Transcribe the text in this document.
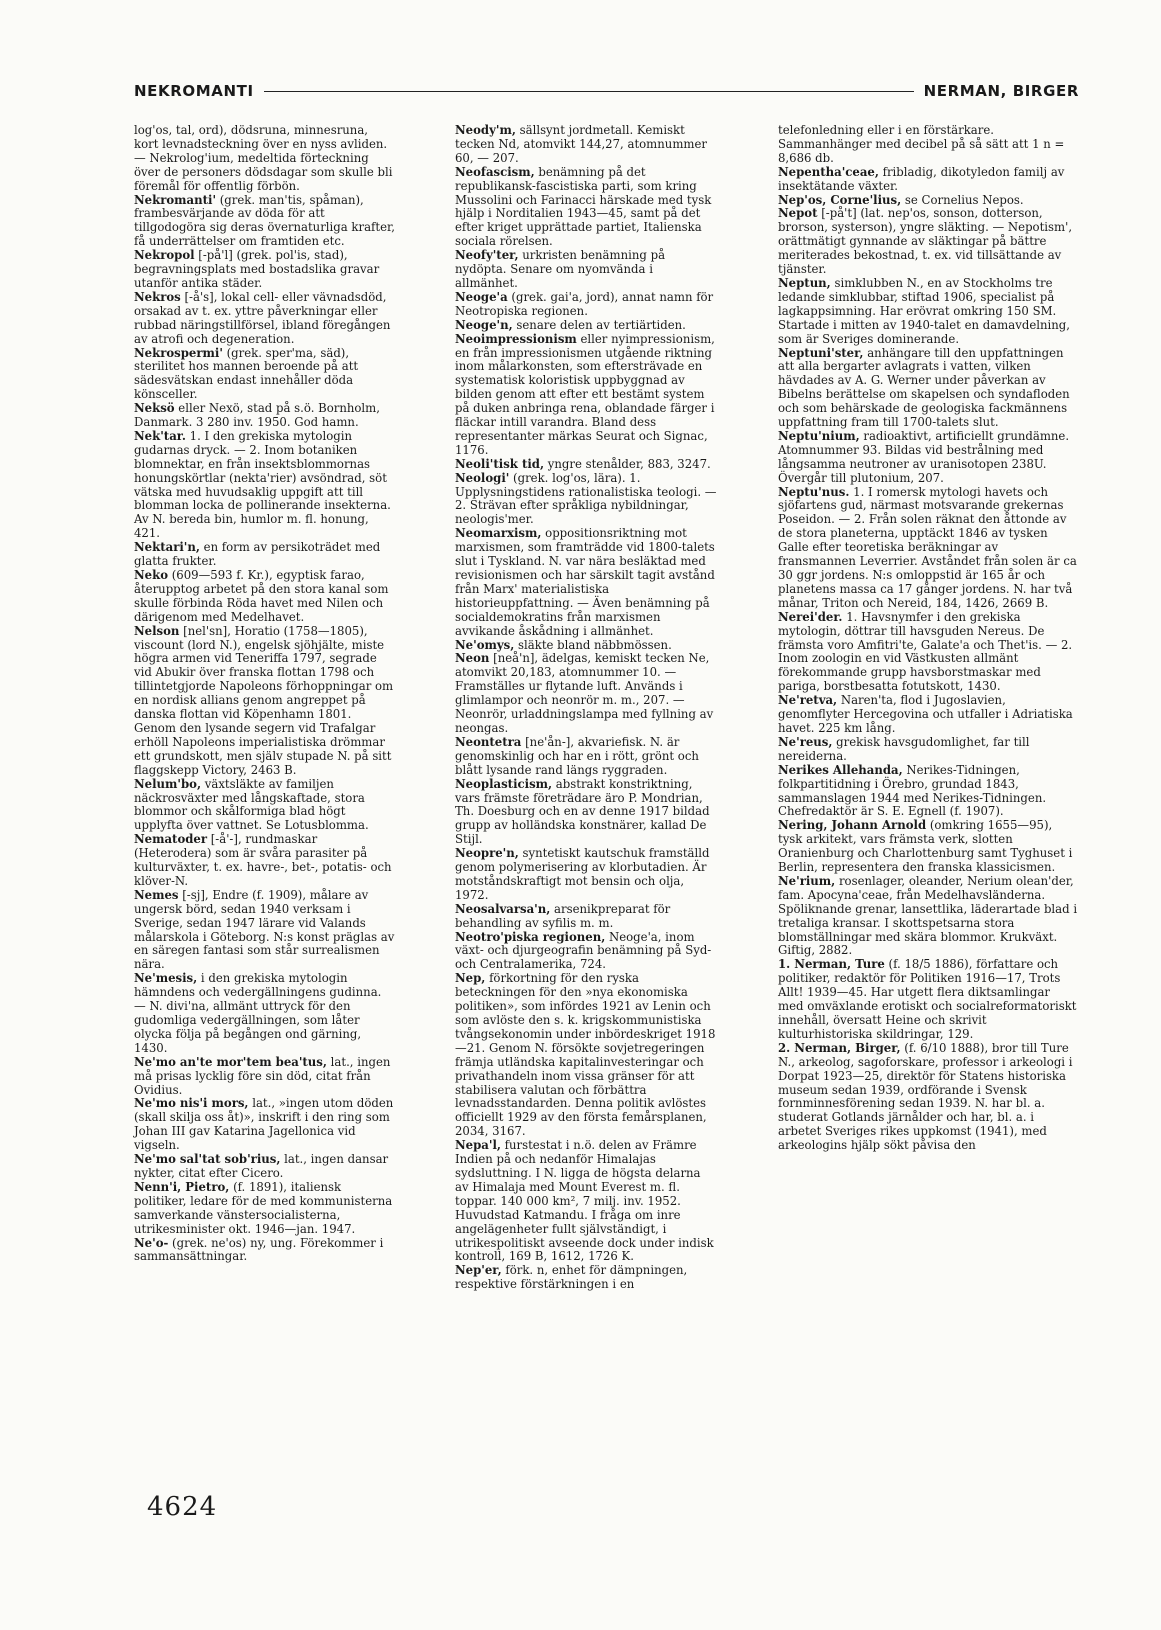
NEKROMANTI	NERMAN, BIRGER

log'os, tal, ord), dödsruna, minnesruna, kort levnadsteckning över en nyss avliden. — Nekrolog'ium, medeltida förteckning över de personers dödsdagar som skulle bli föremål för offentlig förbön.

Nekromanti' (grek. man'tis, spåman), frambesvärjande av döda för att tillgodogöra sig deras övernaturliga krafter, få underrättelser om framtiden etc.

Nekropol [-på'l] (grek. pol'is, stad), begravningsplats med bostadslika gravar utanför antika städer.

Nekros [-å's], lokal cell- eller vävnadsdöd, orsakad av t. ex. yttre påverkningar eller rubbad näringstillförsel, ibland föregången av atrofi och degeneration.

Nekrospermi' (grek. sper'ma, säd), sterilitet hos mannen beroende på att sädesvätskan endast innehåller döda könsceller.

Neksö eller Nexö, stad på s.ö. Bornholm, Danmark. 3 280 inv. 1950. God hamn.

Nek'tar. 1. I den grekiska mytologin gudarnas dryck. — 2. Inom botaniken blomnektar, en från insektsblommornas honungskörtlar (nekta'rier) avsöndrad, söt vätska med huvudsaklig uppgift att till blomman locka de pollinerande insekterna. Av N. bereda bin, humlor m. fl. honung, 421.

Nektari'n, en form av persikoträdet med glatta frukter.

Neko (609—593 f. Kr.), egyptisk farao, återupptog arbetet på den stora kanal som skulle förbinda Röda havet med Nilen och därigenom med Medelhavet.

Nelson [nel'sn], Horatio (1758—1805), viscount (lord N.), engelsk sjöhjälte, miste högra armen vid Teneriffa 1797, segrade vid Abukir över franska flottan 1798 och tillintetgjorde Napoleons förhoppningar om en nordisk allians genom angreppet på danska flottan vid Köpenhamn 1801. Genom den lysande segern vid Trafalgar erhöll Napoleons imperialistiska drömmar ett grundskott, men själv stupade N. på sitt flaggskepp Victory, 2463 B.

Nelum'bo, växtsläkte av familjen näckrosväxter med långskaftade, stora blommor och skålformiga blad högt upplyfta över vattnet. Se Lotusblomma.

Nematoder [-å'-], rundmaskar (Heterodera) som är svåra parasiter på kulturväxter, t. ex. havre-, bet-, potatis- och klöver-N.

Nemes [-sj], Endre (f. 1909), målare av ungersk börd, sedan 1940 verksam i Sverige, sedan 1947 lärare vid Valands målarskola i Göteborg. N:s konst präglas av en säregen fantasi som står surrealismen nära.

Ne'mesis, i den grekiska mytologin hämndens och vedergällningens gudinna. — N. divi'na, allmänt uttryck för den gudomliga vedergällningen, som låter olycka följa på begången ond gärning, 1430.

Ne'mo an'te mor'tem bea'tus, lat., ingen må prisas lycklig före sin död, citat från Ovidius.

Ne'mo nis'i mors, lat., »ingen utom döden (skall skilja oss åt)», inskrift i den ring som Johan III gav Katarina Jagellonica vid vigseln.

Ne'mo sal'tat sob'rius, lat., ingen dansar nykter, citat efter Cicero.

Nenn'i, Pietro, (f. 1891), italiensk politiker, ledare för de med kommunisterna samverkande vänstersocialisterna, utrikesminister okt. 1946—jan. 1947.

Ne'o- (grek. ne'os) ny, ung. Förekommer i sammansättningar.

Neody'm, sällsynt jordmetall. Kemiskt tecken Nd, atomvikt 144,27, atomnummer 60, — 207.

Neofascism, benämning på det republikansk-fascistiska parti, som kring Mussolini och Farinacci härskade med tysk hjälp i Norditalien 1943—45, samt på det efter kriget upprättade partiet, Italienska sociala rörelsen.

Neofy'ter, urkristen benämning på nydöpta. Senare om nyomvända i allmänhet.

Neoge'a (grek. gai'a, jord), annat namn för Neotropiska regionen.

Neoge'n, senare delen av tertiärtiden.

Neoimpressionism eller nyimpressionism, en från impressionismen utgående riktning inom målarkonsten, som eftersträvade en systematisk koloristisk uppbyggnad av bilden genom att efter ett bestämt system på duken anbringa rena, oblandade färger i fläckar intill varandra. Bland dess representanter märkas Seurat och Signac, 1176.

Neoli'tisk tid, yngre stenålder, 883, 3247.

Neologi' (grek. log'os, lära). 1. Upplysningstidens rationalistiska teologi. — 2. Strävan efter språkliga nybildningar, neologis'mer.

Neomarxism, oppositionsriktning mot marxismen, som framträdde vid 1800-talets slut i Tyskland. N. var nära besläktad med revisionismen och har särskilt tagit avstånd från Marx' materialistiska historieuppfattning. — Även benämning på socialdemokratins från marxismen avvikande åskådning i allmänhet.

Ne'omys, släkte bland näbbmössen.

Neon [neå'n], ädelgas, kemiskt tecken Ne, atomvikt 20,183, atomnummer 10. — Framställes ur flytande luft. Används i glimlampor och neonrör m. m., 207. — Neonrör, urladdningslampa med fyllning av neongas.

Neontetra [ne'ån-], akvariefisk. N. är genomskinlig och har en i rött, grönt och blått lysande rand längs ryggraden.

Neoplasticism, abstrakt konstriktning, vars främste företrädare äro P. Mondrian, Th. Doesburg och en av denne 1917 bildad grupp av holländska konstnärer, kallad De Stijl.

Neopre'n, syntetiskt kautschuk framställd genom polymerisering av klorbutadien. Är motståndskraftigt mot bensin och olja, 1972.

Neosalvarsa'n, arsenikpreparat för behandling av syfilis m. m.

Neotro'piska regionen, Neoge'a, inom växt- och djurgeografin benämning på Syd- och Centralamerika, 724.

Nep, förkortning för den ryska beteckningen för den »nya ekonomiska politiken», som infördes 1921 av Lenin och som avlöste den s. k. krigskommunistiska tvångsekonomin under inbördeskriget 1918—21. Genom N. försökte sovjetregeringen främja utländska kapitalinvesteringar och privathandeln inom vissa gränser för att stabilisera valutan och förbättra levnadsstandarden. Denna politik avlöstes officiellt 1929 av den första femårsplanen, 2034, 3167.

Nepa'l, furstestat i n.ö. delen av Främre Indien på och nedanför Himalajas sydsluttning. I N. ligga de högsta delarna av Himalaja med Mount Everest m. fl. toppar. 140 000 km², 7 milj. inv. 1952. Huvudstad Katmandu. I fråga om inre angelägenheter fullt självständigt, i utrikespolitiskt avseende dock under indisk kontroll, 169 B, 1612, 1726 K.

Nep'er, förk. n, enhet för dämpningen, respektive förstärkningen i en

telefonledning eller i en förstärkare. Sammanhänger med decibel på så sätt att 1 n = 8,686 db.

Nepentha'ceae, fribladig, dikotyledon familj av insektätande växter.

Nep'os, Corne'lius, se Cornelius Nepos.

Nepot [-på't] (lat. nep'os, sonson, dotterson, brorson, systerson), yngre släkting. — Nepotism', orättmätigt gynnande av släktingar på bättre meriterades bekostnad, t. ex. vid tillsättande av tjänster.

Neptun, simklubben N., en av Stockholms tre ledande simklubbar, stiftad 1906, specialist på lagkappsimning. Har erövrat omkring 150 SM. Startade i mitten av 1940-talet en damavdelning, som är Sveriges dominerande.

Neptuni'ster, anhängare till den uppfattningen att alla bergarter avlagrats i vatten, vilken hävdades av A. G. Werner under påverkan av Bibelns berättelse om skapelsen och syndafloden och som behärskade de geologiska fackmännens uppfattning fram till 1700-talets slut.

Neptu'nium, radioaktivt, artificiellt grundämne. Atomnummer 93. Bildas vid bestrålning med långsamma neutroner av uranisotopen 238U. Övergår till plutonium, 207.

Neptu'nus. 1. I romersk mytologi havets och sjöfartens gud, närmast motsvarande grekernas Poseidon. — 2. Från solen räknat den åttonde av de stora planeterna, upptäckt 1846 av tysken Galle efter teoretiska beräkningar av fransmannen Leverrier. Avståndet från solen är ca 30 ggr jordens. N:s omloppstid är 165 år och planetens massa ca 17 gånger jordens. N. har två månar, Triton och Nereid, 184, 1426, 2669 B.

Nerei'der. 1. Havsnymfer i den grekiska mytologin, döttrar till havsguden Nereus. De främsta voro Amfitri'te, Galate'a och Thet'is. — 2. Inom zoologin en vid Västkusten allmänt förekommande grupp havsborstmaskar med pariga, borstbesatta fotutskott, 1430.

Ne'retva, Naren'ta, flod i Jugoslavien, genomflyter Hercegovina och utfaller i Adriatiska havet. 225 km lång.

Ne'reus, grekisk havsgudomlighet, far till nereiderna.

Nerikes Allehanda, Nerikes-Tidningen, folkpartitidning i Örebro, grundad 1843, sammanslagen 1944 med Nerikes-Tidningen. Chefredaktör är S. E. Egnell (f. 1907).

Nering, Johann Arnold (omkring 1655—95), tysk arkitekt, vars främsta verk, slotten Oranienburg och Charlottenburg samt Tyghuset i Berlin, representera den franska klassicismen.

Ne'rium, rosenlager, oleander, Nerium olean'der, fam. Apocyna'ceae, från Medelhavsländerna. Spöliknande grenar, lansettlika, läderartade blad i tretaliga kransar. I skottspetsarna stora blomställningar med skära blommor. Krukväxt. Giftig, 2882.

1. Nerman, Ture (f. 18/5 1886), författare och politiker, redaktör för Politiken 1916—17, Trots Allt! 1939—45. Har utgett flera diktsamlingar med omväxlande erotiskt och socialreformatoriskt innehåll, översatt Heine och skrivit kulturhistoriska skildringar, 129.

2. Nerman, Birger, (f. 6/10 1888), bror till Ture N., arkeolog, sagoforskare, professor i arkeologi i Dorpat 1923—25, direktör för Statens historiska museum sedan 1939, ordförande i Svensk fornminnesförening sedan 1939. N. har bl. a. studerat Gotlands järnålder och har, bl. a. i arbetet Sveriges rikes uppkomst (1941), med arkeologins hjälp sökt påvisa den

4624
